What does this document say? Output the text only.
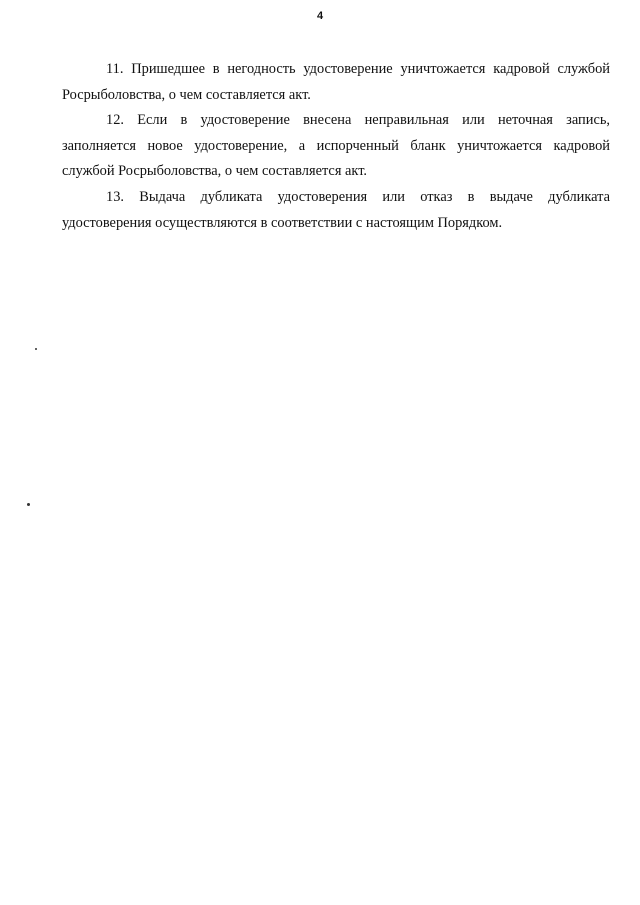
4

11. Пришедшее в негодность удостоверение уничтожается кадровой службой
Росрыболовства, о чем составляется акт.

12. Если в удостоверение внесена неправильная или неточная запись,
заполняется новое удостоверение, а испорченный бланк уничтожается кадровой
службой Росрыболовства, о чем составляется акт.

13. Выдача дубликата удостоверения или отказ в выдаче дубликата
удостоверения осуществляются в соответствии с настоящим Порядком.
